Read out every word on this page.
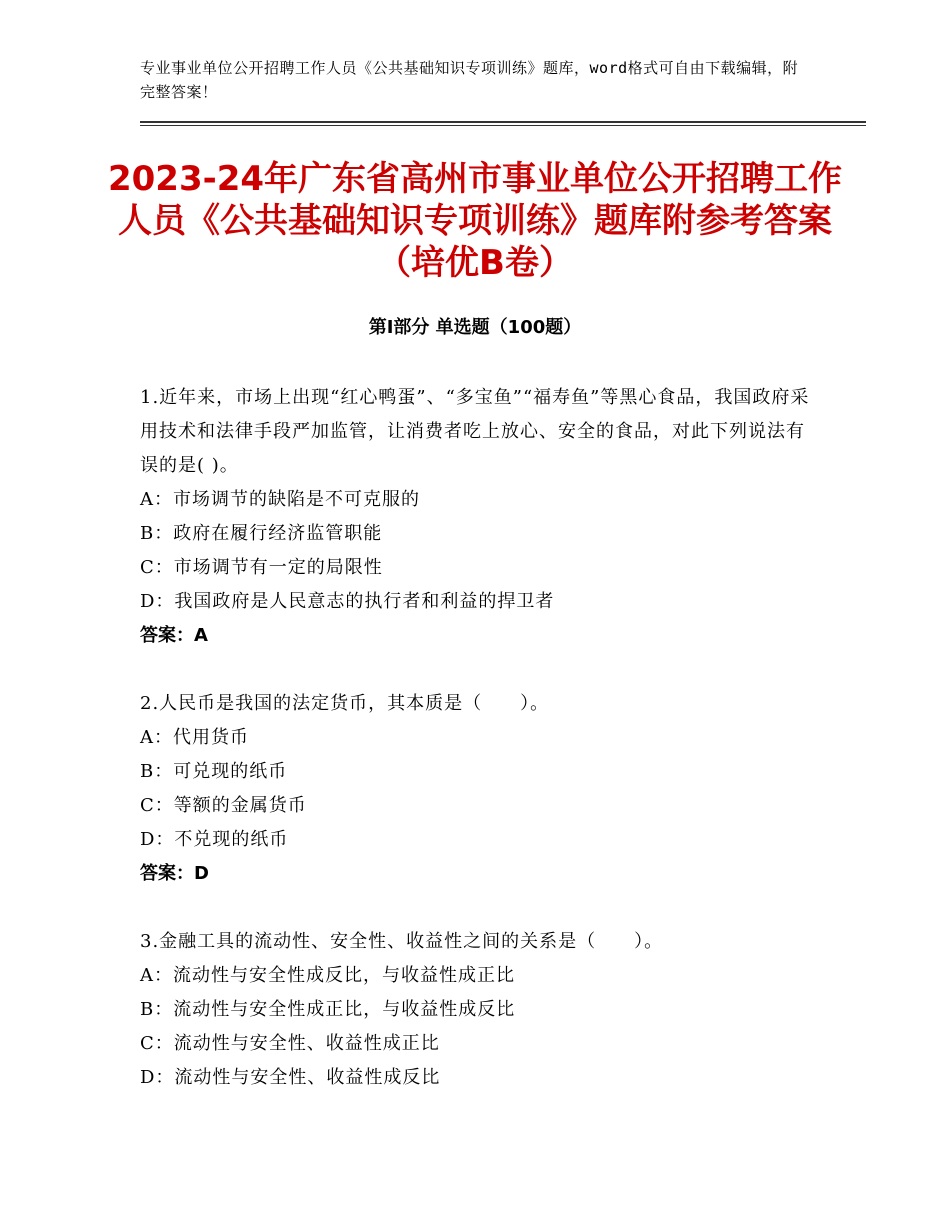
专业事业单位公开招聘工作人员《公共基础知识专项训练》题库，word格式可自由下载编辑，附完整答案！
2023-24年广东省高州市事业单位公开招聘工作人员《公共基础知识专项训练》题库附参考答案（培优B卷）
第I部分 单选题（100题）
1.近年来，市场上出现“红心鸭蛋”、“多宝鱼”“福寿鱼”等黑心食品，我国政府采用技术和法律手段严加监管，让消费者吃上放心、安全的食品，对此下列说法有误的是( )。
A：市场调节的缺陷是不可克服的
B：政府在履行经济监管职能
C：市场调节有一定的局限性
D：我国政府是人民意志的执行者和利益的捍卫者
答案：A
2.人民币是我国的法定货币，其本质是（　　）。
A：代用货币
B：可兑现的纸币
C：等额的金属货币
D：不兑现的纸币
答案：D
3.金融工具的流动性、安全性、收益性之间的关系是（　　）。
A：流动性与安全性成反比，与收益性成正比
B：流动性与安全性成正比，与收益性成反比
C：流动性与安全性、收益性成正比
D：流动性与安全性、收益性成反比
